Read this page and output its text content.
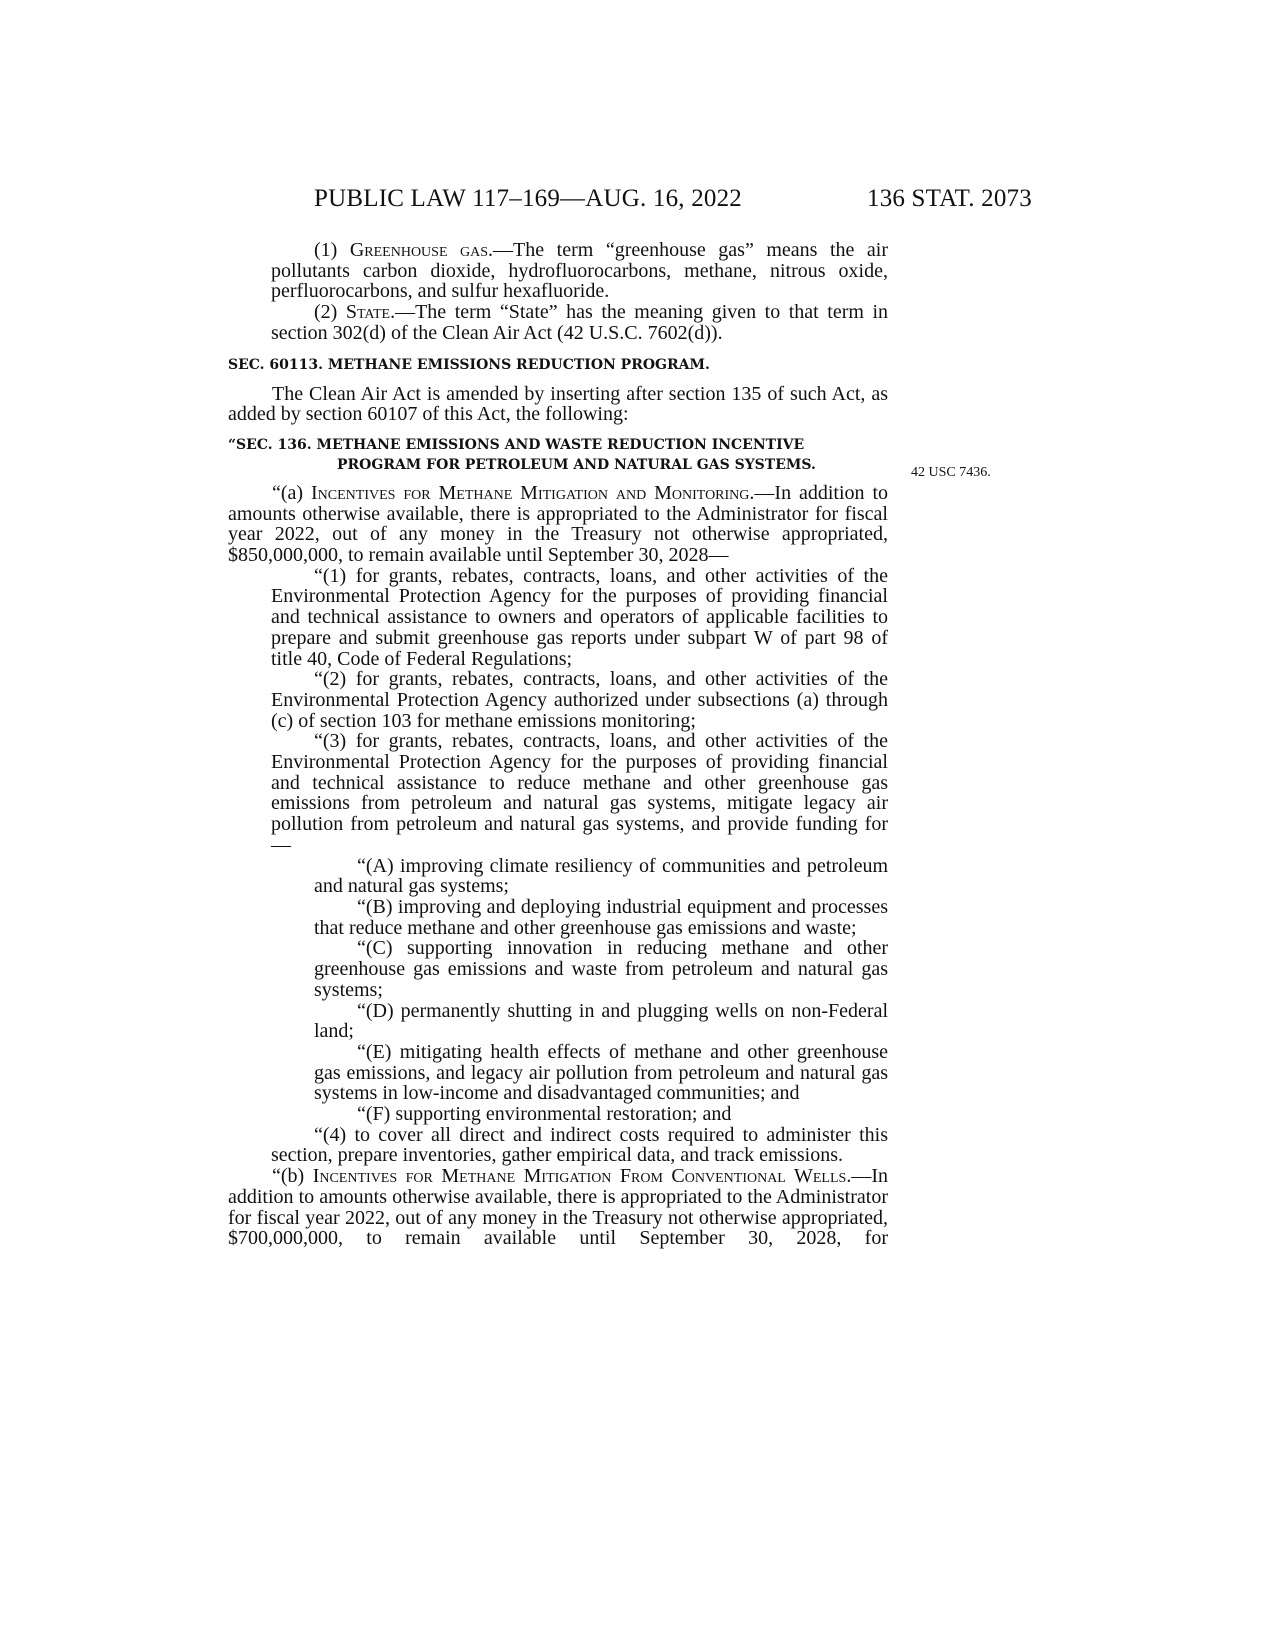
PUBLIC LAW 117–169—AUG. 16, 2022	136 STAT. 2073
42 USC 7436.

(1) Greenhouse gas.—The term “greenhouse gas” means the air pollutants carbon dioxide, hydrofluorocarbons, methane, nitrous oxide, perfluorocarbons, and sulfur hexafluoride.

(2) State.—The term “State” has the meaning given to that term in section 302(d) of the Clean Air Act (42 U.S.C. 7602(d)).

SEC. 60113. METHANE EMISSIONS REDUCTION PROGRAM.

The Clean Air Act is amended by inserting after section 135 of such Act, as added by section 60107 of this Act, the following:

“SEC. 136. METHANE EMISSIONS AND WASTE REDUCTION INCENTIVE
PROGRAM FOR PETROLEUM AND NATURAL GAS SYSTEMS.

“(a) Incentives for Methane Mitigation and Monitoring.—In addition to amounts otherwise available, there is appropriated to the Administrator for fiscal year 2022, out of any money in the Treasury not otherwise appropriated, $850,000,000, to remain available until September 30, 2028—

“(1) for grants, rebates, contracts, loans, and other activities of the Environmental Protection Agency for the purposes of providing financial and technical assistance to owners and operators of applicable facilities to prepare and submit greenhouse gas reports under subpart W of part 98 of title 40, Code of Federal Regulations;

“(2) for grants, rebates, contracts, loans, and other activities of the Environmental Protection Agency authorized under subsections (a) through (c) of section 103 for methane emissions monitoring;

“(3) for grants, rebates, contracts, loans, and other activities of the Environmental Protection Agency for the purposes of providing financial and technical assistance to reduce methane and other greenhouse gas emissions from petroleum and natural gas systems, mitigate legacy air pollution from petroleum and natural gas systems, and provide funding for—

“(A) improving climate resiliency of communities and petroleum and natural gas systems;

“(B) improving and deploying industrial equipment and processes that reduce methane and other greenhouse gas emissions and waste;

“(C) supporting innovation in reducing methane and other greenhouse gas emissions and waste from petroleum and natural gas systems;

“(D) permanently shutting in and plugging wells on non-Federal land;

“(E) mitigating health effects of methane and other greenhouse gas emissions, and legacy air pollution from petroleum and natural gas systems in low-income and disadvantaged communities; and

“(F) supporting environmental restoration; and

“(4) to cover all direct and indirect costs required to administer this section, prepare inventories, gather empirical data, and track emissions.

“(b) Incentives for Methane Mitigation From Conventional Wells.—In addition to amounts otherwise available, there is appropriated to the Administrator for fiscal year 2022, out of any money in the Treasury not otherwise appropriated, $700,000,000, to remain available until September 30, 2028, for
